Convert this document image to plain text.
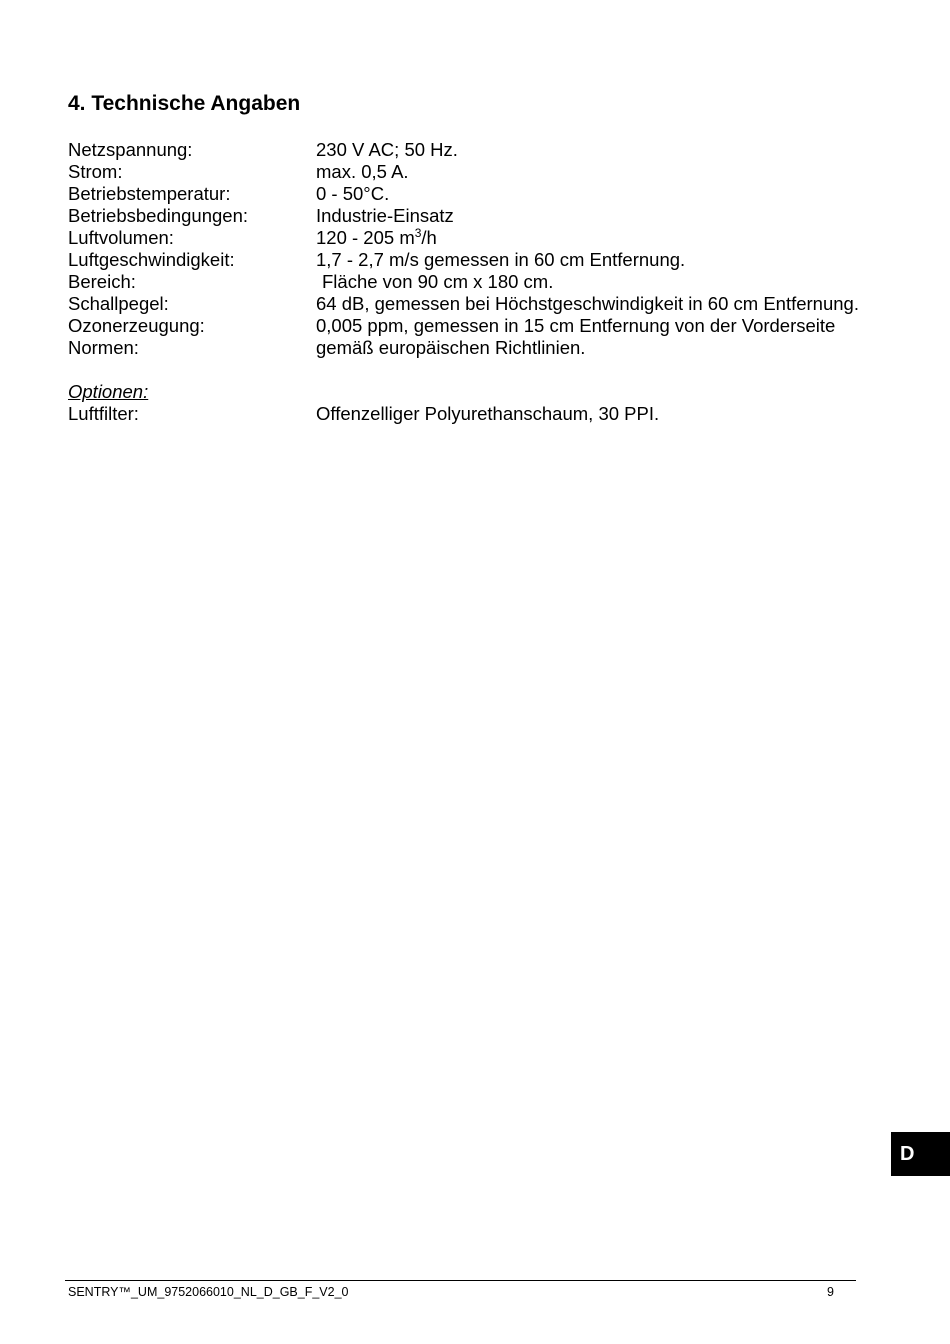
4. Technische Angaben
Netzspannung:	230 V AC; 50 Hz.
Strom:	max. 0,5 A.
Betriebstemperatur:	0 - 50°C.
Betriebsbedingungen:	Industrie-Einsatz
Luftvolumen:	120 - 205 $m^3/h$
Luftgeschwindigkeit:	1,7 - 2,7 m/s gemessen in 60 cm Entfernung.
Bereich:	Fläche von 90 cm x 180 cm.
Schallpegel:	64 dB, gemessen bei Höchstgeschwindigkeit in 60 cm Entfernung.
Ozonerzeugung:	0,005 ppm, gemessen in 15 cm Entfernung von der Vorderseite
Normen:	gemäß europäischen Richtlinien.
Optionen:
Luftfilter:	Offenzelliger Polyurethanschaum, 30 PPI.
D
SENTRY™_UM_9752066010_NL_D_GB_F_V2_0	9
